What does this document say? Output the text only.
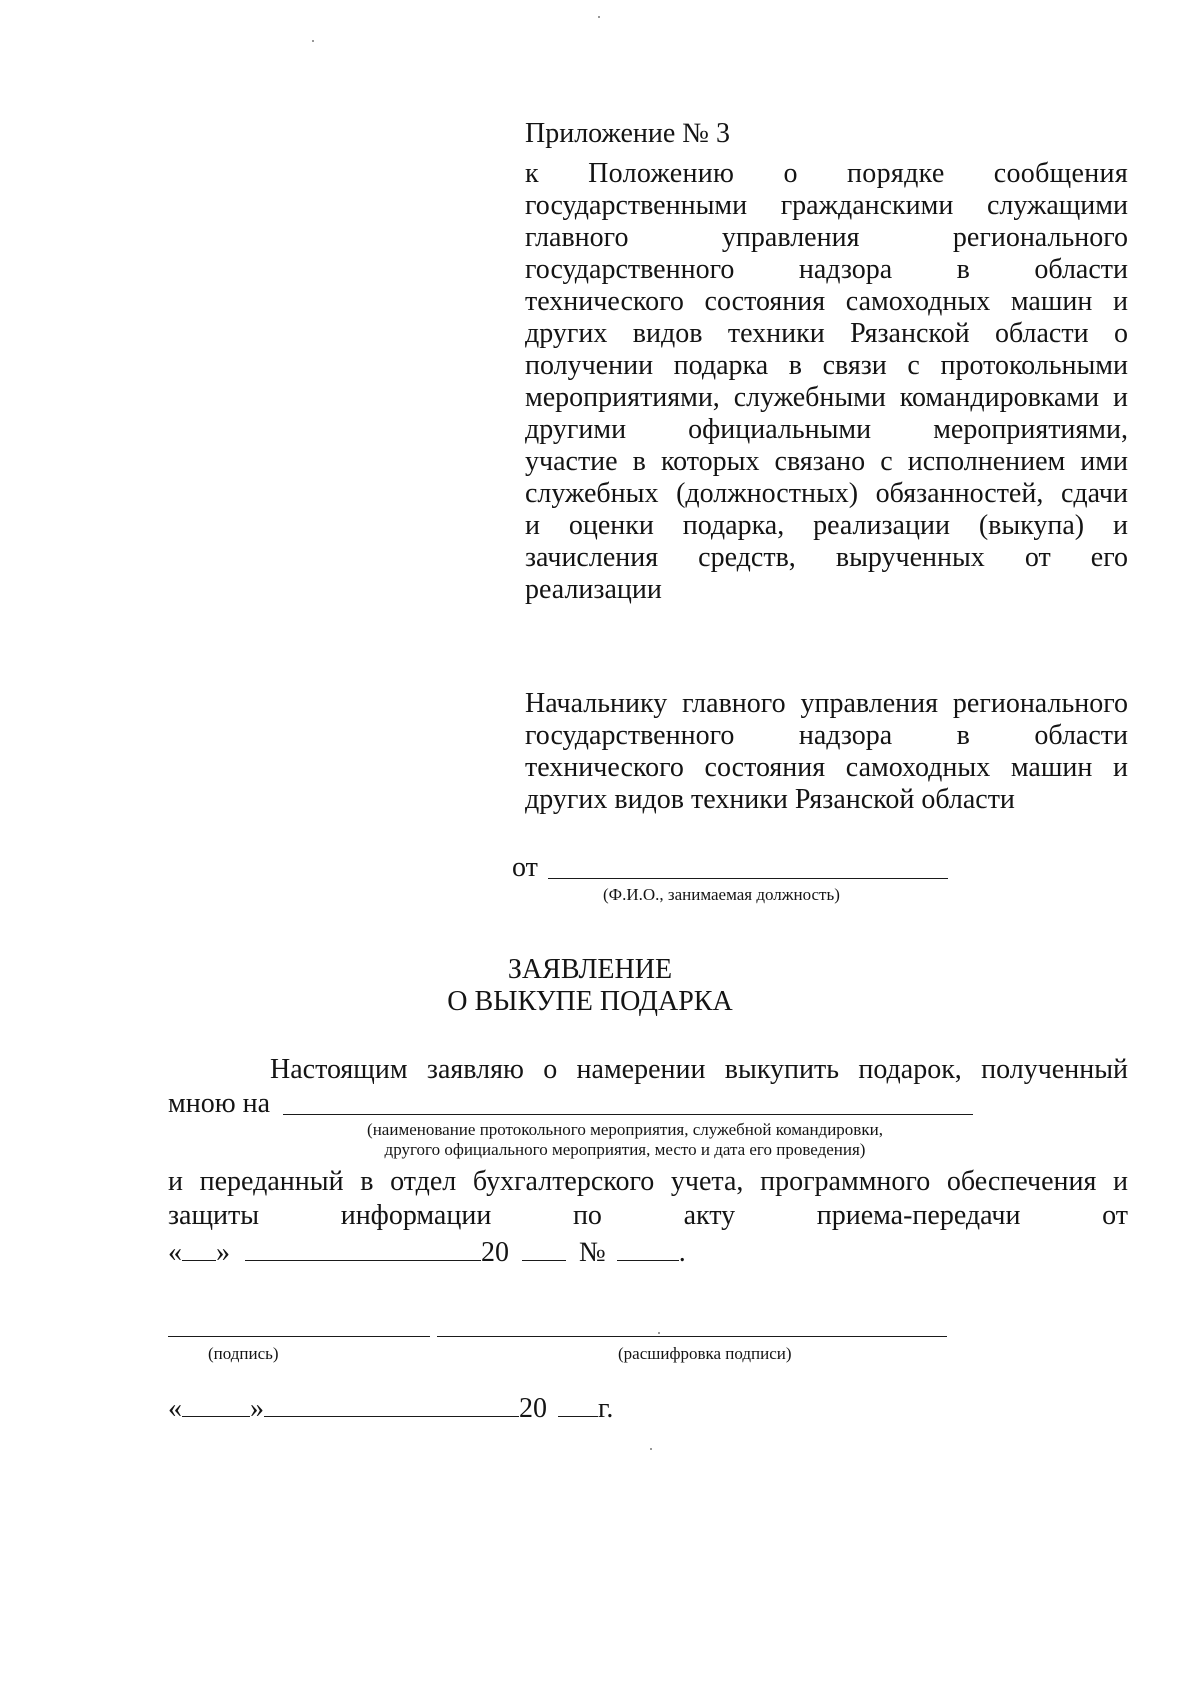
Приложение № 3
к Положению о порядке сообщения
государственными гражданскими служащими
главного управления регионального
государственного надзора в области
технического состояния самоходных машин и
других видов техники Рязанской области о
получении подарка в связи с протокольными
мероприятиями, служебными командировками и
другими официальными мероприятиями,
участие в которых связано с исполнением ими
служебных (должностных) обязанностей, сдачи
и оценки подарка, реализации (выкупа) и
зачисления средств, вырученных от его
реализации
Начальнику главного управления регионального
государственного надзора в области
технического состояния самоходных машин и
других видов техники Рязанской области
от
(Ф.И.О., занимаемая должность)
ЗАЯВЛЕНИЕ
О ВЫКУПЕ ПОДАРКА
Настоящим заявляю о намерении выкупить подарок, полученный
мною на
(наименование протокольного мероприятия, служебной командировки,
другого официального мероприятия, место и дата его проведения)
и переданный в отдел бухгалтерского учета, программного обеспечения и
защиты информации по акту приема-передачи от
« »	20	№	.
(подпись)	(расшифровка подписи)
« »	20 г.
